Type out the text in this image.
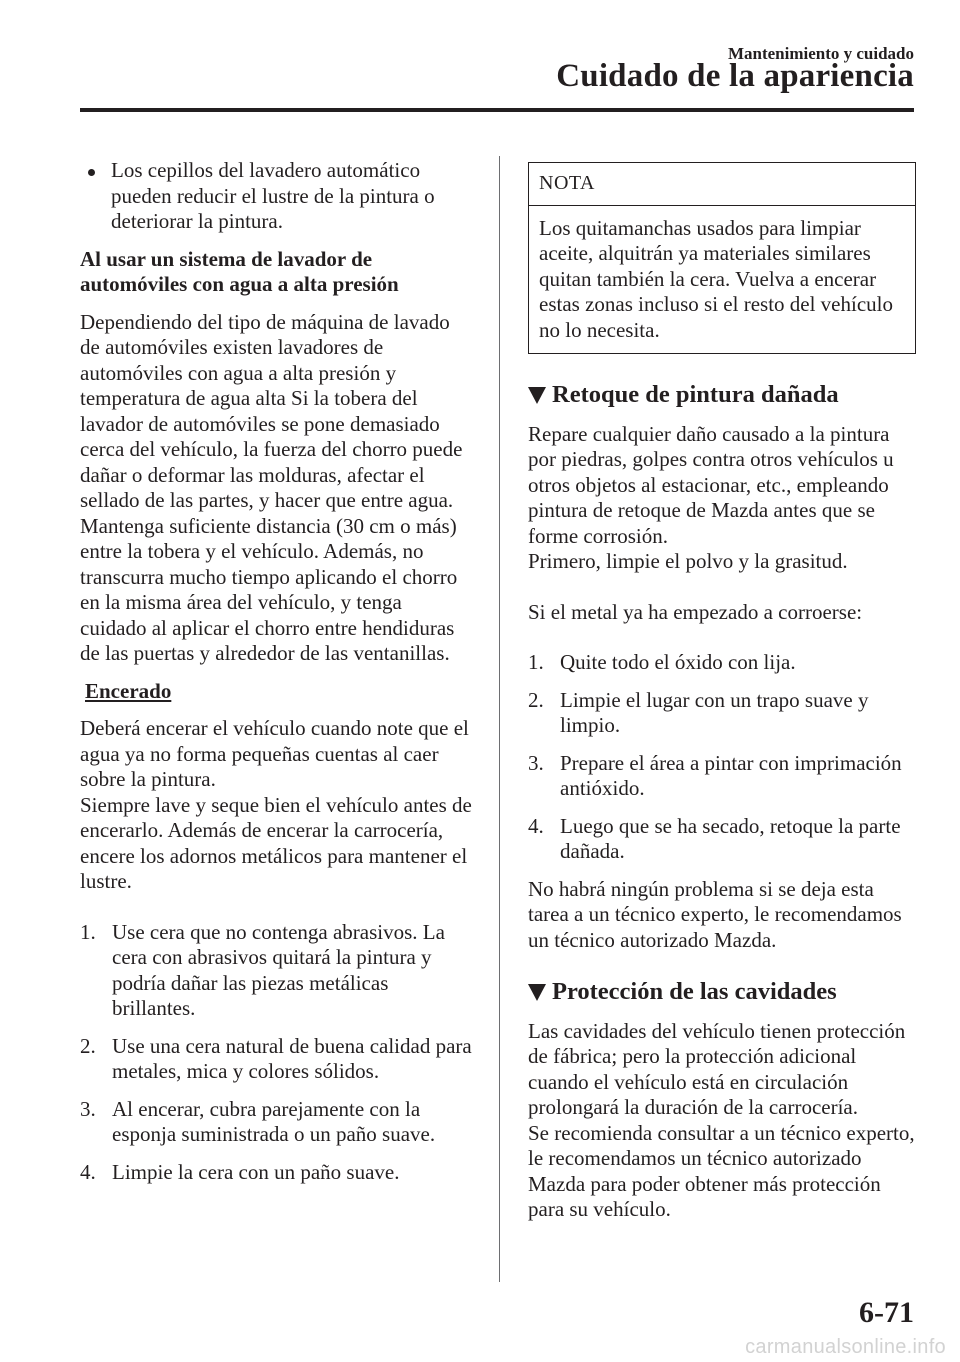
Mantenimiento y cuidado
Cuidado de la apariencia
Los cepillos del lavadero automático pueden reducir el lustre de la pintura o deteriorar la pintura.

Al usar un sistema de lavador de automóviles con agua a alta presión

Dependiendo del tipo de máquina de lavado de automóviles existen lavadores de automóviles con agua a alta presión y temperatura de agua alta Si la tobera del lavador de automóviles se pone demasiado cerca del vehículo, la fuerza del chorro puede dañar o deformar las molduras, afectar el sellado de las partes, y hacer que entre agua. Mantenga suficiente distancia (30 cm o más) entre la tobera y el vehículo. Además, no transcurra mucho tiempo aplicando el chorro en la misma área del vehículo, y tenga cuidado al aplicar el chorro entre hendiduras de las puertas y alrededor de las ventanillas.

Encerado

Deberá encerar el vehículo cuando note que el agua ya no forma pequeñas cuentas al caer sobre la pintura.

Siempre lave y seque bien el vehículo antes de encerarlo. Además de encerar la carrocería, encere los adornos metálicos para mantener el lustre.

1. Use cera que no contenga abrasivos. La cera con abrasivos quitará la pintura y podría dañar las piezas metálicas brillantes.
2. Use una cera natural de buena calidad para metales, mica y colores sólidos.
3. Al encerar, cubra parejamente con la esponja suministrada o un paño suave.
4. Limpie la cera con un paño suave.
NOTA
Los quitamanchas usados para limpiar aceite, alquitrán ya materiales similares quitan también la cera. Vuelva a encerar estas zonas incluso si el resto del vehículo no lo necesita.
Retoque de pintura dañada

Repare cualquier daño causado a la pintura por piedras, golpes contra otros vehículos u otros objetos al estacionar, etc., empleando pintura de retoque de Mazda antes que se forme corrosión.

Primero, limpie el polvo y la grasitud.

Si el metal ya ha empezado a corroerse:

1. Quite todo el óxido con lija.
2. Limpie el lugar con un trapo suave y limpio.
3. Prepare el área a pintar con imprimación antióxido.
4. Luego que se ha secado, retoque la parte dañada.

No habrá ningún problema si se deja esta tarea a un técnico experto, le recomendamos un técnico autorizado Mazda.

Protección de las cavidades

Las cavidades del vehículo tienen protección de fábrica; pero la protección adicional cuando el vehículo está en circulación prolongará la duración de la carrocería.

Se recomienda consultar a un técnico experto, le recomendamos un técnico autorizado Mazda para poder obtener más protección para su vehículo.

6-71
carmanualsonline.info
